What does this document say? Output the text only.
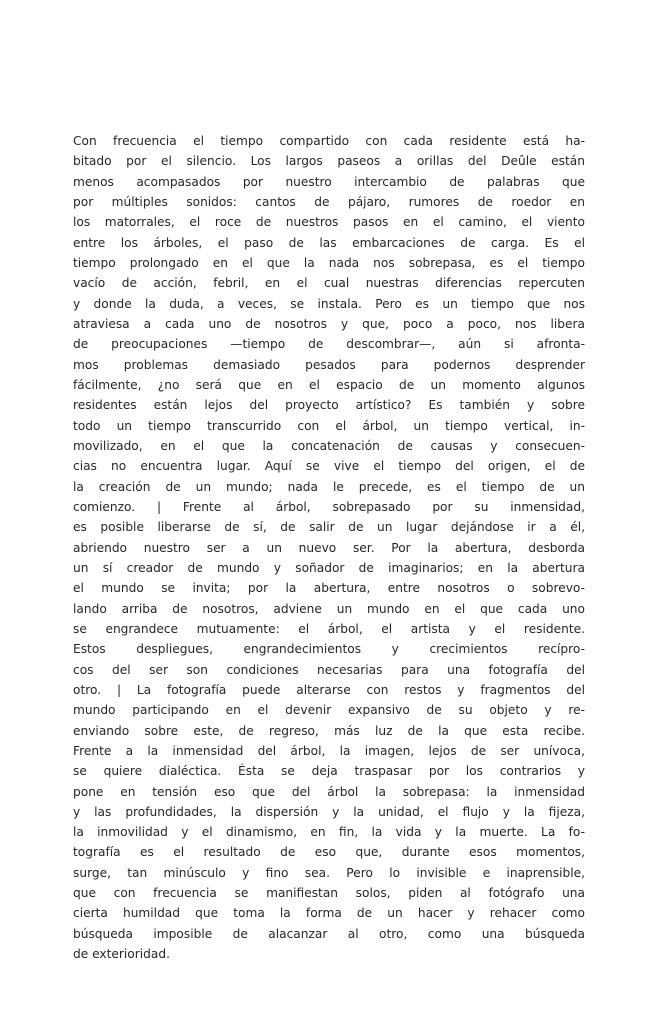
Con frecuencia el tiempo compartido con cada residente está ha-
bitado por el silencio. Los largos paseos a orillas del Deûle están
menos acompasados por nuestro intercambio de palabras que
por múltiples sonidos: cantos de pájaro, rumores de roedor en
los matorrales, el roce de nuestros pasos en el camino, el viento
entre los árboles, el paso de las embarcaciones de carga. Es el
tiempo prolongado en el que la nada nos sobrepasa, es el tiempo
vacío de acción, febril, en el cual nuestras diferencias repercuten
y donde la duda, a veces, se instala. Pero es un tiempo que nos
atraviesa a cada uno de nosotros y que, poco a poco, nos libera
de preocupaciones —tiempo de descombrar—, aún si afronta-
mos problemas demasiado pesados para podernos desprender
fácilmente, ¿no será que en el espacio de un momento algunos
residentes están lejos del proyecto artístico? Es también y sobre
todo un tiempo transcurrido con el árbol, un tiempo vertical, in-
movilizado, en el que la concatenación de causas y consecuen-
cias no encuentra lugar. Aquí se vive el tiempo del origen, el de
la creación de un mundo; nada le precede, es el tiempo de un
comienzo. | Frente al árbol, sobrepasado por su inmensidad,
es posible liberarse de sí, de salir de un lugar dejándose ir a él,
abriendo nuestro ser a un nuevo ser. Por la abertura, desborda
un sí creador de mundo y soñador de imaginarios; en la abertura
el mundo se invita; por la abertura, entre nosotros o sobrevo-
lando arriba de nosotros, adviene un mundo en el que cada uno
se engrandece mutuamente: el árbol, el artista y el residente.
Estos despliegues, engrandecimientos y crecimientos recípro-
cos del ser son condiciones necesarias para una fotografía del
otro. | La fotografía puede alterarse con restos y fragmentos del
mundo participando en el devenir expansivo de su objeto y re-
enviando sobre este, de regreso, más luz de la que esta recibe.
Frente a la inmensidad del árbol, la imagen, lejos de ser unívoca,
se quiere dialéctica. Ésta se deja traspasar por los contrarios y
pone en tensión eso que del árbol la sobrepasa: la inmensidad
y las profundidades, la dispersión y la unidad, el flujo y la fijeza,
la inmovilidad y el dinamismo, en fin, la vida y la muerte. La fo-
tografía es el resultado de eso que, durante esos momentos,
surge, tan minúsculo y fino sea. Pero lo invisible e inaprensible,
que con frecuencia se manifiestan solos, piden al fotógrafo una
cierta humildad que toma la forma de un hacer y rehacer como
búsqueda imposible de alacanzar al otro, como una búsqueda
de exterioridad.
